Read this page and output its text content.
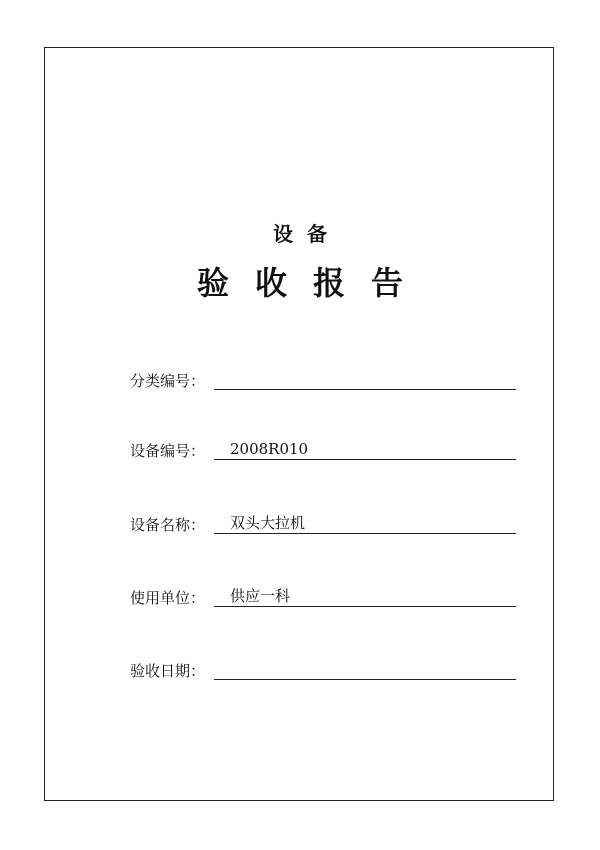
设备
验收报告
分类编号：
设备编号：	2008R010
设备名称：	双头大拉机
使用单位：	供应一科
验收日期：
